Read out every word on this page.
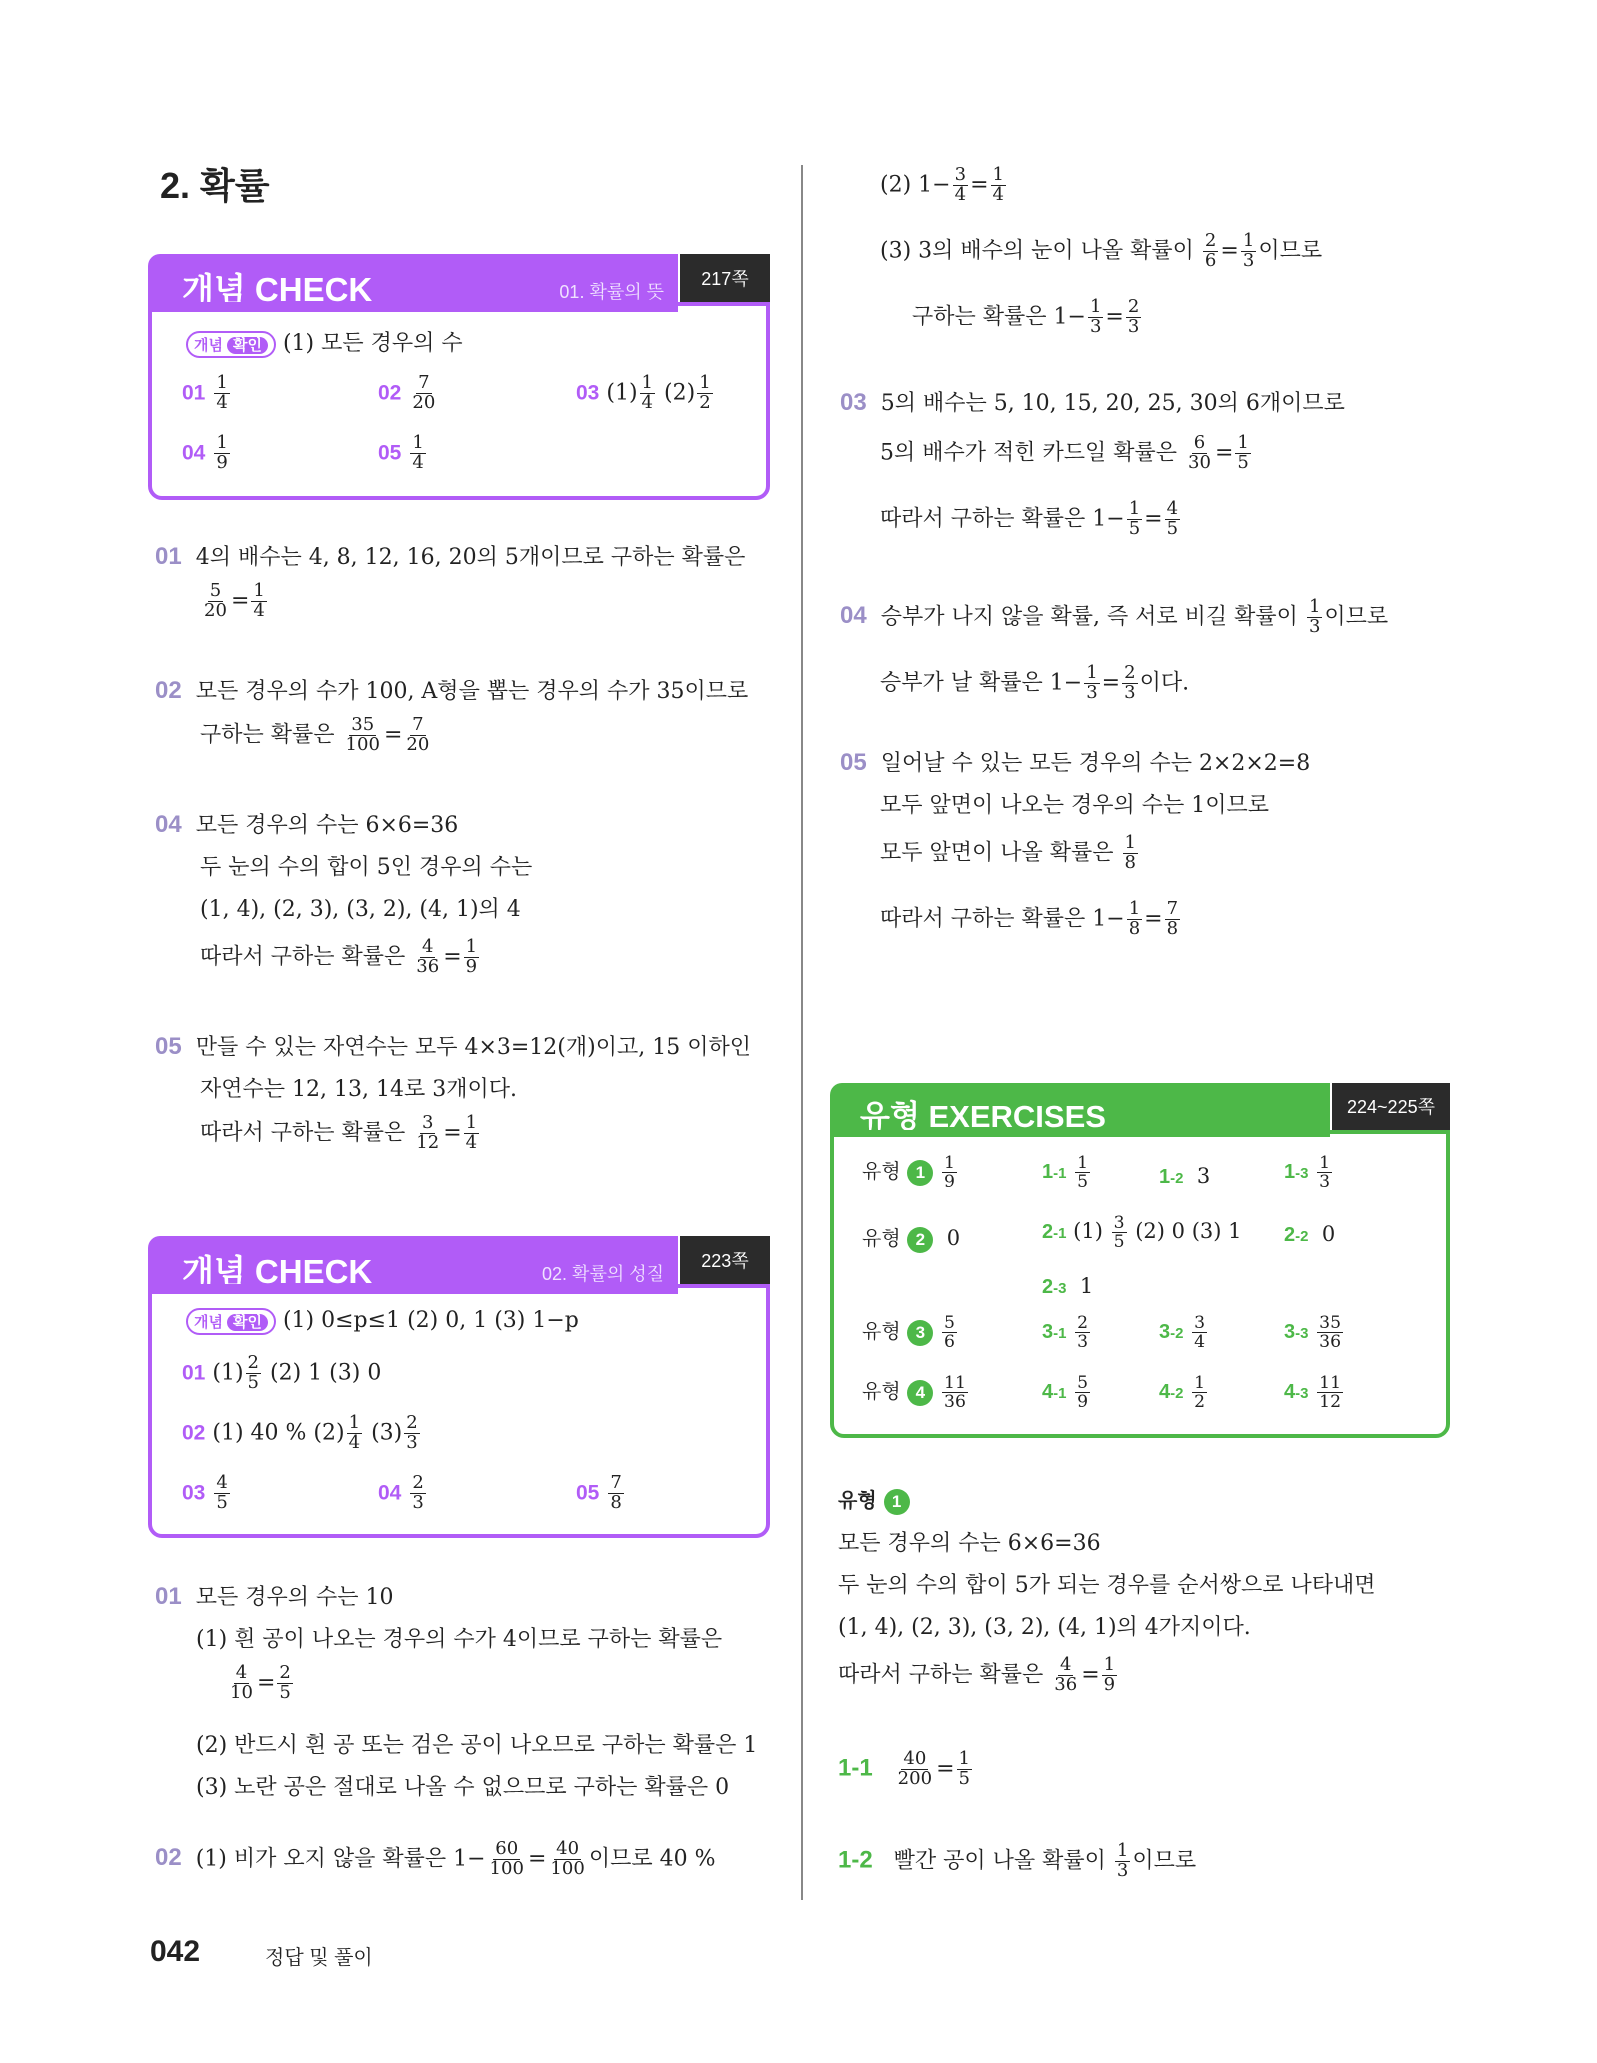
2. 확률
개념 CHECK	01. 확률의 뜻
217쪽
개념 확인 (1) 모든 경우의 수
$01 \frac{1}{4}$	$02 \frac{7}{20}$	03 $(1) \frac{1}{4} (2) \frac{1}{2}$
$04 \frac{1}{9}$	$05 \frac{1}{4}$
01 4의 배수는 4, 8, 12, 16, 20의 5개이므로 구하는 확률은
$\frac{5}{20} = \frac{1}{4}$
02 모든 경우의 수가 100, A형을 뽑는 경우의 수가 35이므로
구하는 확률은 $\frac{35}{100} = \frac{7}{20}$
04 모든 경우의 수는 6×6=36
두 눈의 수의 합이 5인 경우의 수는
(1, 4), (2, 3), (3, 2), (4, 1)의 4
따라서 구하는 확률은 $\frac{4}{36} = \frac{1}{9}$
05 만들 수 있는 자연수는 모두 4×3=12(개)이고, 15 이하인
자연수는 12, 13, 14로 3개이다.
따라서 구하는 확률은 $\frac{3}{12} = \frac{1}{4}$
개념 CHECK	02. 확률의 성질
223쪽
개념 확인 (1) 0≤p≤1 (2) 0, 1 (3) 1−p
01 $(1) \frac{2}{5} (2)$ 1 (3) 0
02 (1) 40 % $(2) \frac{1}{4} (3) \frac{2}{3}$
$03 \frac{4}{5}$	$04 \frac{2}{3}$	$05 \frac{7}{8}$
01 모든 경우의 수는 10
(1) 흰 공이 나오는 경우의 수가 4이므로 구하는 확률은
$\frac{4}{10} = \frac{2}{5}$
(2) 반드시 흰 공 또는 검은 공이 나오므로 구하는 확률은 1
(3) 노란 공은 절대로 나올 수 없으므로 구하는 확률은 0
02 (1) 비가 오지 않을 확률은 $1- \frac{60}{100} = \frac{40}{100}$ 이므로 40 %
(2) $1- \frac{3}{4} = \frac{1}{4}$
(3) 3의 배수의 눈이 나올 확률이 $\frac{2}{6} = \frac{1}{3}$ 이므로
구하는 확률은 $1- \frac{1}{3} = \frac{2}{3}$
03 5의 배수는 5, 10, 15, 20, 25, 30의 6개이므로
5의 배수가 적힌 카드일 확률은 $\frac{6}{30} = \frac{1}{5}$
따라서 구하는 확률은 $1- \frac{1}{5} = \frac{4}{5}$
04 승부가 나지 않을 확률, 즉 서로 비길 확률이 $\frac{1}{3}$ 이므로
승부가 날 확률은 $1- \frac{1}{3} = \frac{2}{3}$ 이다.
05 일어날 수 있는 모든 경우의 수는 2×2×2=8
모두 앞면이 나오는 경우의 수는 1이므로
모두 앞면이 나올 확률은 $\frac{1}{8}$
따라서 구하는 확률은 $1- \frac{1}{8} = \frac{7}{8}$
유형 EXERCISES	224~225쪽
유형 $1 \frac{1}{9}$	$1-1 \frac{1}{5}$	1-2 3	$1-3 \frac{1}{3}$
유형 2 0	2-1 $(1) \frac{3}{5} (2)$ 0 (3) 1 2-2 0
2-3 1
유형 $3 \frac{5}{6}$	$3-1 \frac{2}{3}$	$3-2 \frac{3}{4}$	$3-3 \frac{35}{36}$
유형 $4 \frac{11}{36}$	$4-1 \frac{5}{9}$	$4-2 \frac{1}{2}$	$4-3 \frac{11}{12}$
유형 1
모든 경우의 수는 6×6=36
두 눈의 수의 합이 5가 되는 경우를 순서쌍으로 나타내면
(1, 4), (2, 3), (3, 2), (4, 1)의 4가지이다.
따라서 구하는 확률은 $\frac{4}{36} = \frac{1}{9}$
$1-1 \frac{40}{200} = \frac{1}{5}$
1-2 빨간 공이 나올 확률이 $\frac{1}{3}$ 이므로
042	정답 및 풀이
